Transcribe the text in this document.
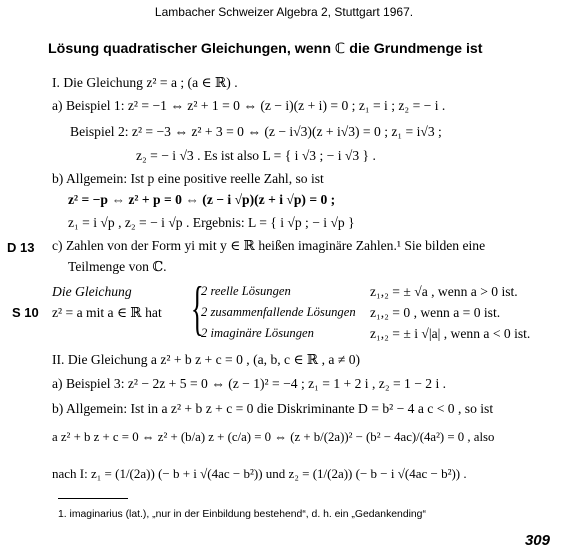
Lambacher Schweizer Algebra 2, Stuttgart 1967.
Lösung quadratischer Gleichungen, wenn ℂ die Grundmenge ist
I. Die Gleichung z² = a ; (a ∈ ℝ) .
a) Beispiel 1: z² = −1 ⇔ z² + 1 = 0 ⇔ (z − i)(z + i) = 0 ; z₁ = i ; z₂ = − i .
Beispiel 2: z² = −3 ⇔ z² + 3 = 0 ⇔ (z − i√3)(z + i√3) = 0 ; z₁ = i√3 ;
z₂ = − i √3 . Es ist also L = { i √3 ; − i √3 } .
b) Allgemein: Ist p eine positive reelle Zahl, so ist
z² = −p ⇔ z² + p = 0 ⇔ (z − i √p)(z + i √p) = 0 ;
z₁ = i √p , z₂ = − i √p . Ergebnis: L = { i √p ; − i √p }
c) Zahlen von der Form yi mit y ∈ ℝ heißen imaginäre Zahlen.¹ Sie bilden eine
Teilmenge von ℂ.
D 13
S 10
Die Gleichung
z² = a mit a ∈ ℝ hat {
2 reelle Lösungen	z₁,₂ = ± √a , wenn a > 0 ist.
2 zusammenfallende Lösungen z₁,₂ = 0 , wenn a = 0 ist.
2 imaginäre Lösungen	z₁,₂ = ± i √|a| , wenn a < 0 ist.
II. Die Gleichung a z² + b z + c = 0 , (a, b, c ∈ ℝ , a ≠ 0)
a) Beispiel 3: z² − 2z + 5 = 0 ⇔ (z − 1)² = −4 ; z₁ = 1 + 2 i , z₂ = 1 − 2 i .
b) Allgemein: Ist in a z² + b z + c = 0 die Diskriminante D = b² − 4 a c < 0 , so ist
a z² + b z + c = 0 ⇔ z² + (b/a) z + (c/a) = 0 ⇔ (z + b/(2a))² − (b² − 4ac)/(4a²) = 0 , also
nach I: z₁ = (1/(2a)) (− b + i √(4ac − b²)) und z₂ = (1/(2a)) (− b − i √(4ac − b²)) .
1. imaginarius (lat.), „nur in der Einbildung bestehend“, d. h. ein „Gedankending“
309
